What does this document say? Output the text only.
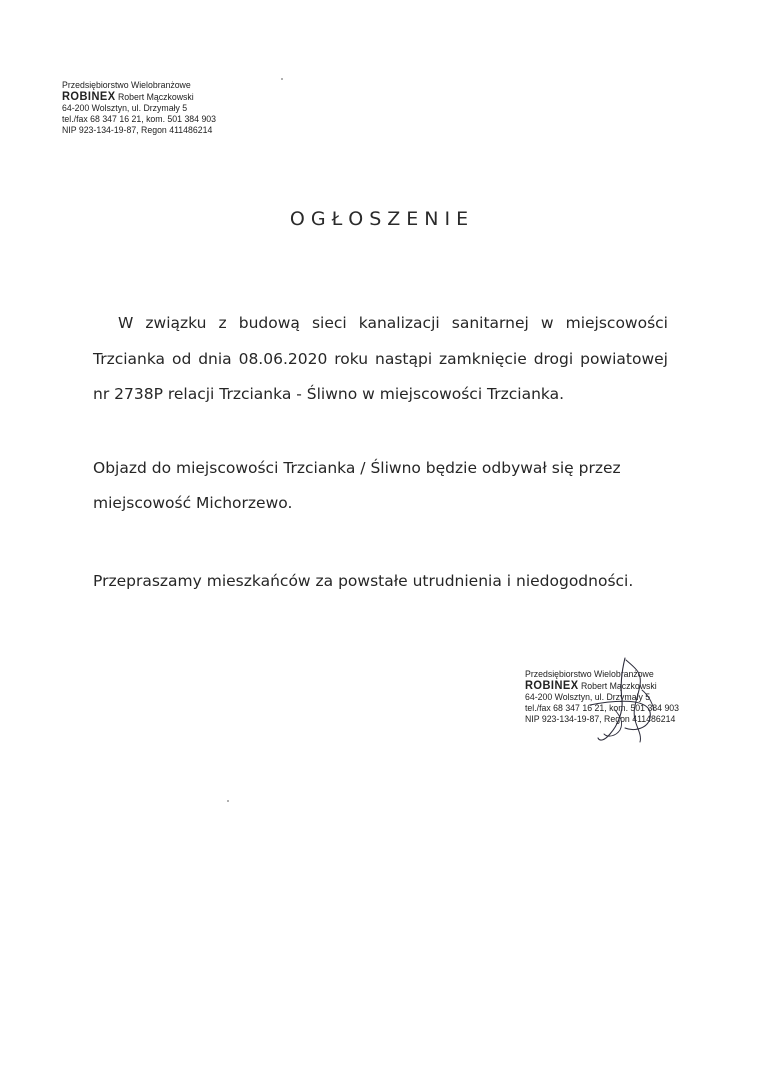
Przedsiębiorstwo Wielobranżowe
ROBINEX Robert Mączkowski
64-200 Wolsztyn, ul. Drzymały 5
tel./fax 68 347 16 21, kom. 501 384 903
NIP 923-134-19-87, Regon 411486214
OGŁOSZENIE
W związku z budową sieci kanalizacji sanitarnej w miejscowości Trzcianka od dnia 08.06.2020 roku nastąpi zamknięcie drogi powiatowej nr 2738P relacji Trzcianka - Śliwno w miejscowości Trzcianka.
Objazd do miejscowości Trzcianka / Śliwno będzie odbywał się przez
miejscowość Michorzewo.
Przepraszamy mieszkańców za powstałe utrudnienia i niedogodności.
Przedsiębiorstwo Wielobranżowe
ROBINEX Robert Mączkowski
64-200 Wolsztyn, ul. Drzymały 5
tel./fax 68 347 16 21, kom. 501 384 903
NIP 923-134-19-87, Regon 411486214
